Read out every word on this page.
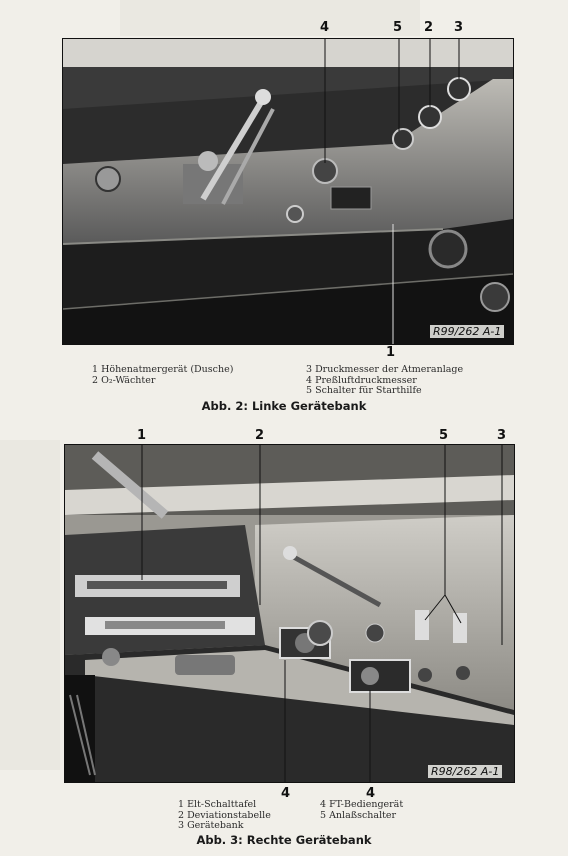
4	5 2 3
1
R99/262 A-1
1 Höhenatmergerät (Dusche)
2 O₂-Wächter
3 Druckmesser der Atmeranlage
4 Preßluftdruckmesser
5 Schalter für Starthilfe
Abb. 2: Linke Gerätebank
1	2	5	3
4	4
R98/262 A-1
1 Elt-Schalttafel
2 Deviationstabelle
3 Gerätebank
4 FT-Bediengerät
5 Anlaßschalter
Abb. 3: Rechte Gerätebank
